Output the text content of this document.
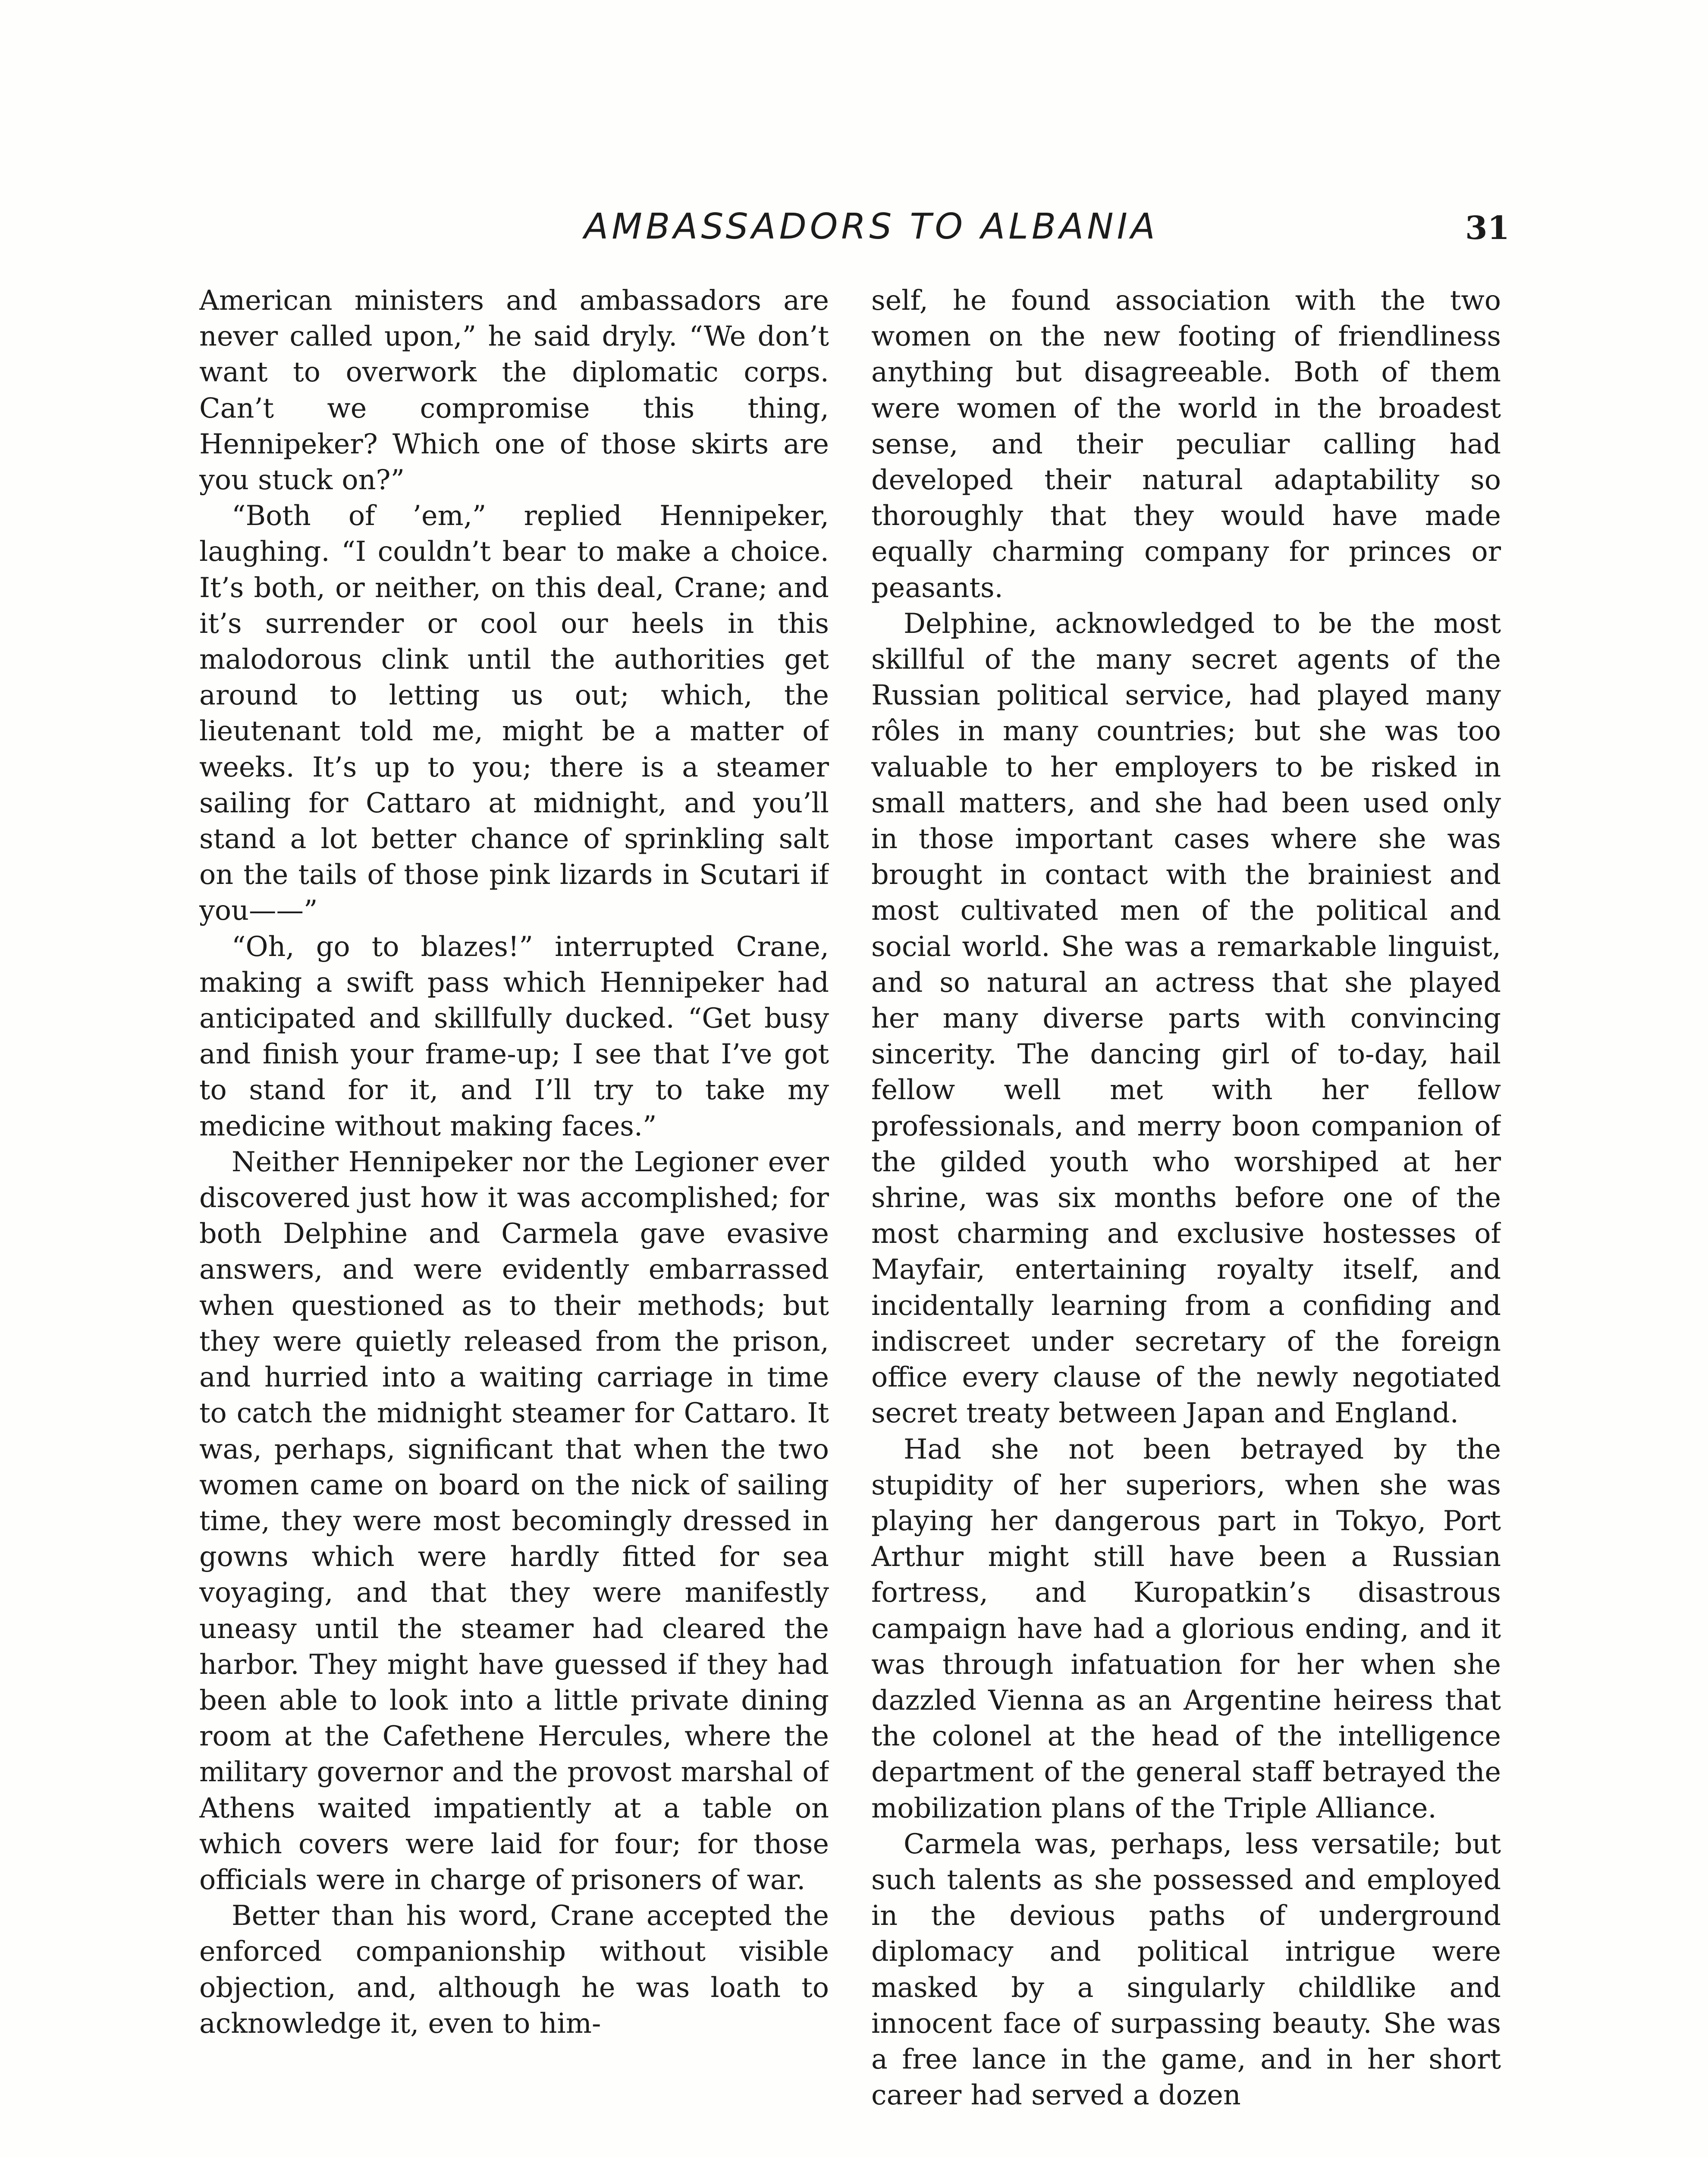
AMBASSADORS TO ALBANIA	31

American ministers and ambassadors are never called upon,” he said dryly. “We don’t want to overwork the diplomatic corps. Can’t we compromise this thing, Hennipeker? Which one of those skirts are you stuck on?”

“Both of ’em,” replied Hennipeker, laughing. “I couldn’t bear to make a choice. It’s both, or neither, on this deal, Crane; and it’s surrender or cool our heels in this malodorous clink until the authorities get around to letting us out; which, the lieutenant told me, might be a matter of weeks. It’s up to you; there is a steamer sailing for Cattaro at midnight, and you’ll stand a lot better chance of sprinkling salt on the tails of those pink lizards in Scutari if you——”

“Oh, go to blazes!” interrupted Crane, making a swift pass which Hennipeker had anticipated and skillfully ducked. “Get busy and finish your frame-up; I see that I’ve got to stand for it, and I’ll try to take my medicine without making faces.”

Neither Hennipeker nor the Legioner ever discovered just how it was accomplished; for both Delphine and Carmela gave evasive answers, and were evidently embarrassed when questioned as to their methods; but they were quietly released from the prison, and hurried into a waiting carriage in time to catch the midnight steamer for Cattaro. It was, perhaps, significant that when the two women came on board on the nick of sailing time, they were most becomingly dressed in gowns which were hardly fitted for sea voyaging, and that they were manifestly uneasy until the steamer had cleared the harbor. They might have guessed if they had been able to look into a little private dining room at the Cafethene Hercules, where the military governor and the provost marshal of Athens waited impatiently at a table on which covers were laid for four; for those officials were in charge of prisoners of war.

Better than his word, Crane accepted the enforced companionship without visible objection, and, although he was loath to acknowledge it, even to him-

self, he found association with the two women on the new footing of friendliness anything but disagreeable. Both of them were women of the world in the broadest sense, and their peculiar calling had developed their natural adaptability so thoroughly that they would have made equally charming company for princes or peasants.

Delphine, acknowledged to be the most skillful of the many secret agents of the Russian political service, had played many rôles in many countries; but she was too valuable to her employers to be risked in small matters, and she had been used only in those important cases where she was brought in contact with the brainiest and most cultivated men of the political and social world. She was a remarkable linguist, and so natural an actress that she played her many diverse parts with convincing sincerity. The dancing girl of to-day, hail fellow well met with her fellow professionals, and merry boon companion of the gilded youth who worshiped at her shrine, was six months before one of the most charming and exclusive hostesses of Mayfair, entertaining royalty itself, and incidentally learning from a confiding and indiscreet under secretary of the foreign office every clause of the newly negotiated secret treaty between Japan and England.

Had she not been betrayed by the stupidity of her superiors, when she was playing her dangerous part in Tokyo, Port Arthur might still have been a Russian fortress, and Kuropatkin’s disastrous campaign have had a glorious ending, and it was through infatuation for her when she dazzled Vienna as an Argentine heiress that the colonel at the head of the intelligence department of the general staff betrayed the mobilization plans of the Triple Alliance.

Carmela was, perhaps, less versatile; but such talents as she possessed and employed in the devious paths of underground diplomacy and political intrigue were masked by a singularly childlike and innocent face of surpassing beauty. She was a free lance in the game, and in her short career had served a dozen
